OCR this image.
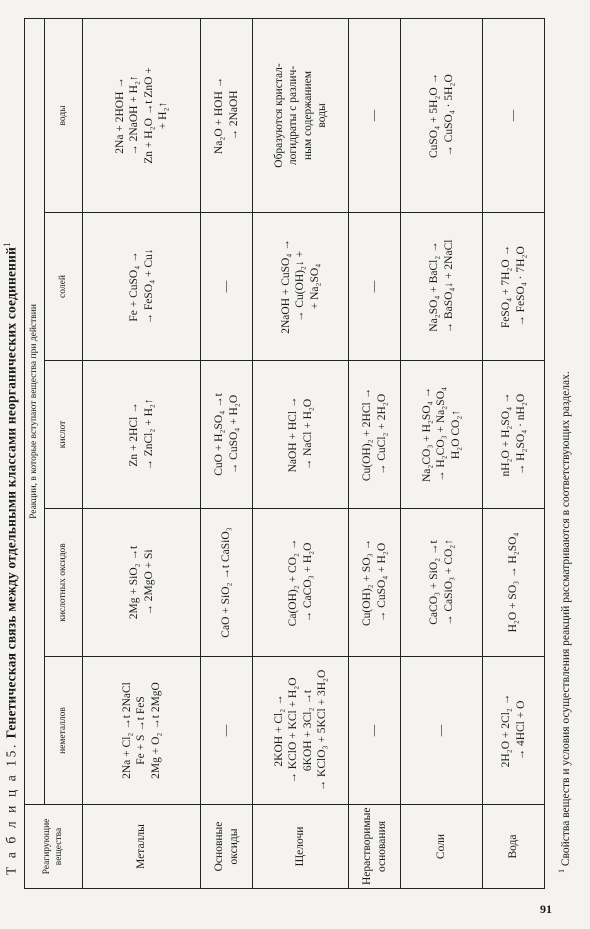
Т а б л и ц а 15. Генетическая связь между отдельными классами неорганических соединений$^1$
Реагирующие вещества	Реакции, в которые вступают вещества при действии				
	неметаллов	кислотных оксидов	кислот	солей	воды
Металлы	2Na + Cl₂ →t 2NaCl Fe + S →t FeS 2Mg + O₂ →t 2MgO	2Mg + SiO₂ →t → 2MgO + Si	Zn + 2HCl → → ZnCl₂ + H₂↑	Fe + CuSO₄ → → FeSO₄ + Cu↓	2Na + 2HOH → → 2NaOH + H₂↑ Zn + H₂O →t ZnO + + H₂↑

Основные оксиды	—	CaO + SiO₂ →t CaSiO₃	CuO + H₂SO₄ →t → CuSO₄ + H₂O	—	Na₂O + HOH → → 2NaOH

Щелочи	2KOH + Cl₂ → → KClO + KCl + H₂O 6KOH + 3Cl₂ →t → KClO₃ + 5KCl + 3H₂O	Ca(OH)₂ + CO₂ → → CaCO₃ + H₂O	NaOH + HCl → → NaCl + H₂O	2NaOH + CuSO₄ → → Cu(OH)₂↓ + + Na₂SO₄	Образуются кристал- логидраты с различ- ным содержанием воды

Нерастворимые основания	—	Cu(OH)₂ + SO₃ → → CuSO₄ + H₂O	Cu(OH)₂ + 2HCl → → CuCl₂ + 2H₂O	—	—

Соли	—	CaCO₃ + SiO₂ →t → CaSiO₃ + CO₂↑	Na₂CO₃ + H₂SO₄ → → H₂CO₃ + Na₂SO₄ H₂O CO₂↑	Na₂SO₄ + BaCl₂ → → BaSO₄↓ + 2NaCl	CuSO₄ + 5H₂O → → CuSO₄ · 5H₂O

Вода	2H₂O + 2Cl₂ → → 4HCl + O	H₂O + SO₃ → H₂SO₄	nH₂O + H₂SO₄ → → H₂SO₄ · nH₂O	FeSO₄ + 7H₂O → → FeSO₄ · 7H₂O	—
$^1$ Свойства веществ и условия осуществления реакций рассматриваются в соответствующих разделах.
91
